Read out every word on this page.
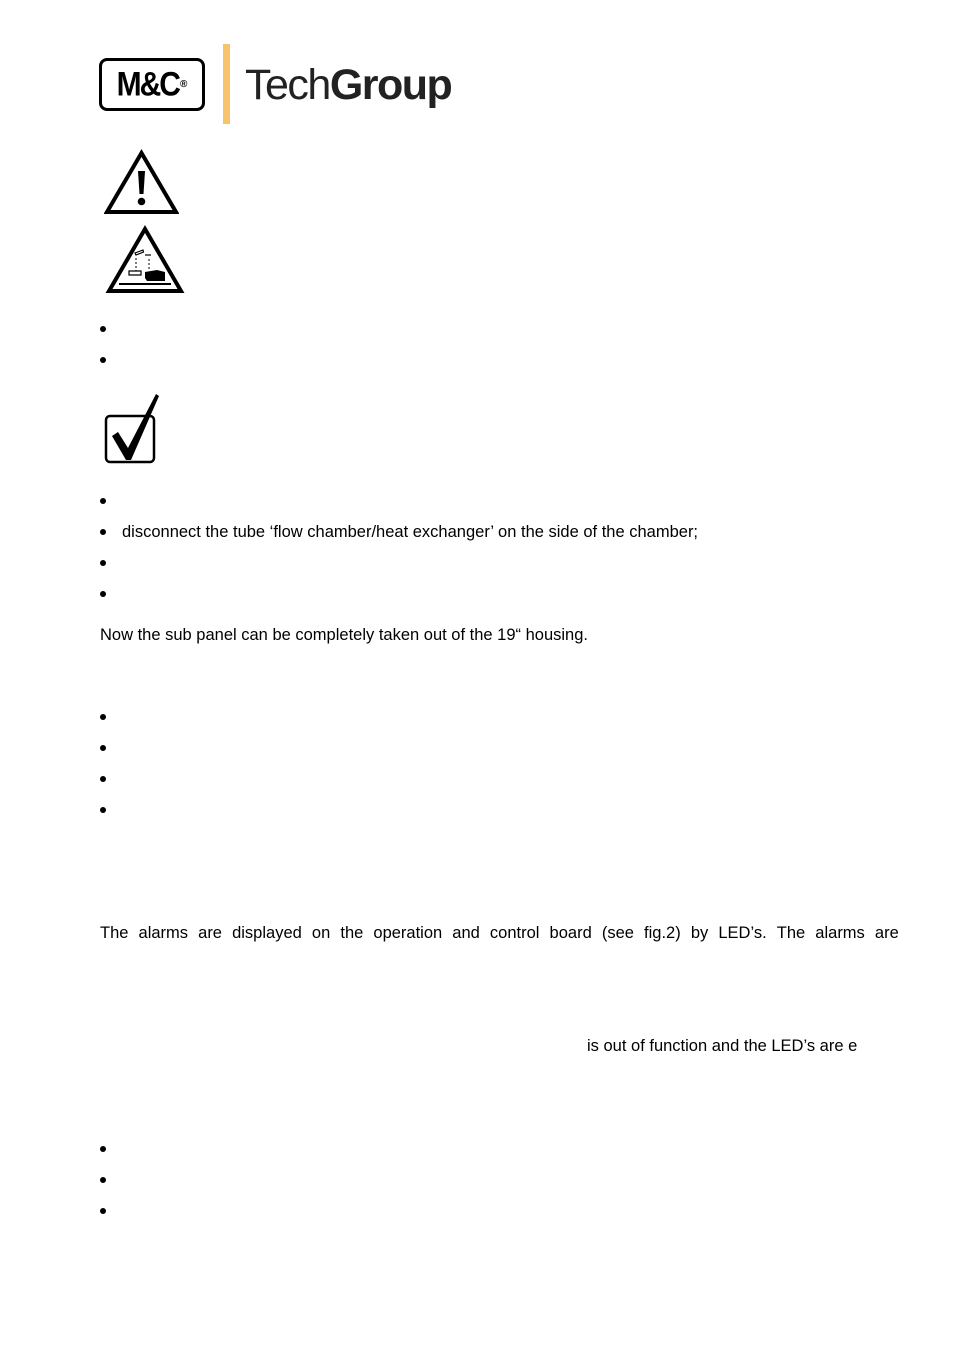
M&C ® TechGroup
disconnect the tube ‘flow chamber/heat exchanger’ on the side of the chamber;
Now the sub panel can be completely taken out of the 19“ housing.
The alarms are displayed on the operation and control board (see fig.2) by LED’s. The alarms are
is out of function and the LED’s are e
